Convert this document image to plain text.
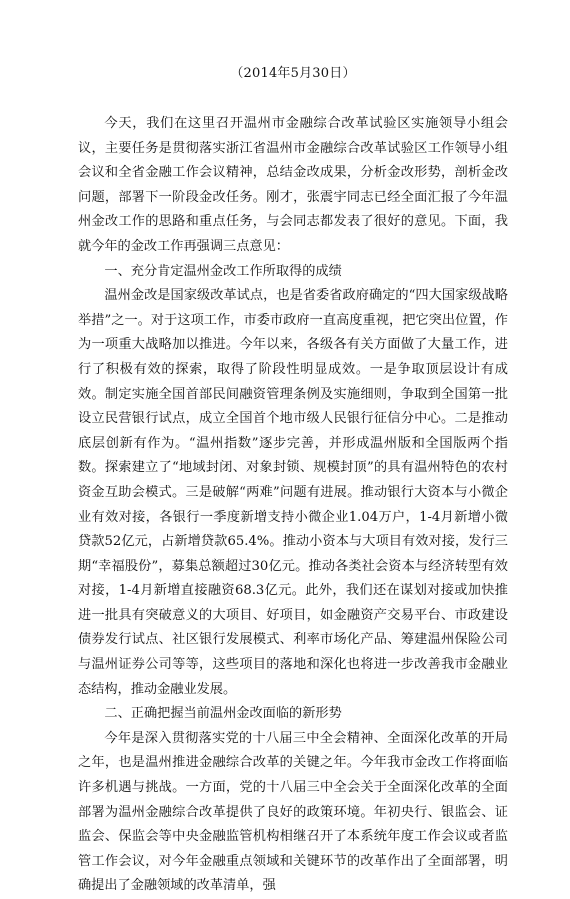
（2014年5月30日）

今天，我们在这里召开温州市金融综合改革试验区实施领导小组会议，主要任务是贯彻落实浙江省温州市金融综合改革试验区工作领导小组会议和全省金融工作会议精神，总结金改成果，分析金改形势，剖析金改问题，部署下一阶段金改任务。刚才，张震宇同志已经全面汇报了今年温州金改工作的思路和重点任务，与会同志都发表了很好的意见。下面，我就今年的金改工作再强调三点意见：

一、充分肯定温州金改工作所取得的成绩

温州金改是国家级改革试点，也是省委省政府确定的“四大国家级战略举措”之一。对于这项工作，市委市政府一直高度重视，把它突出位置，作为一项重大战略加以推进。今年以来，各级各有关方面做了大量工作，进行了积极有效的探索，取得了阶段性明显成效。一是争取顶层设计有成效。制定实施全国首部民间融资管理条例及实施细则，争取到全国第一批设立民营银行试点，成立全国首个地市级人民银行征信分中心。二是推动底层创新有作为。“温州指数”逐步完善，并形成温州版和全国版两个指数。探索建立了“地域封闭、对象封锁、规模封顶”的具有温州特色的农村资金互助会模式。三是破解“两难”问题有进展。推动银行大资本与小微企业有效对接，各银行一季度新增支持小微企业1.04万户，1-4月新增小微贷款52亿元，占新增贷款65.4%。推动小资本与大项目有效对接，发行三期“幸福股份”，募集总额超过30亿元。推动各类社会资本与经济转型有效对接，1-4月新增直接融资68.3亿元。此外，我们还在谋划对接或加快推进一批具有突破意义的大项目、好项目，如金融资产交易平台、市政建设债券发行试点、社区银行发展模式、利率市场化产品、筹建温州保险公司与温州证券公司等等，这些项目的落地和深化也将进一步改善我市金融业态结构，推动金融业发展。

二、正确把握当前温州金改面临的新形势

今年是深入贯彻落实党的十八届三中全会精神、全面深化改革的开局之年，也是温州推进金融综合改革的关键之年。今年我市金改工作将面临许多机遇与挑战。一方面，党的十八届三中全会关于全面深化改革的全面部署为温州金融综合改革提供了良好的政策环境。年初央行、银监会、证监会、保监会等中央金融监管机构相继召开了本系统年度工作会议或者监管工作会议，对今年金融重点领域和关键环节的改革作出了全面部署，明确提出了金融领域的改革清单，强
